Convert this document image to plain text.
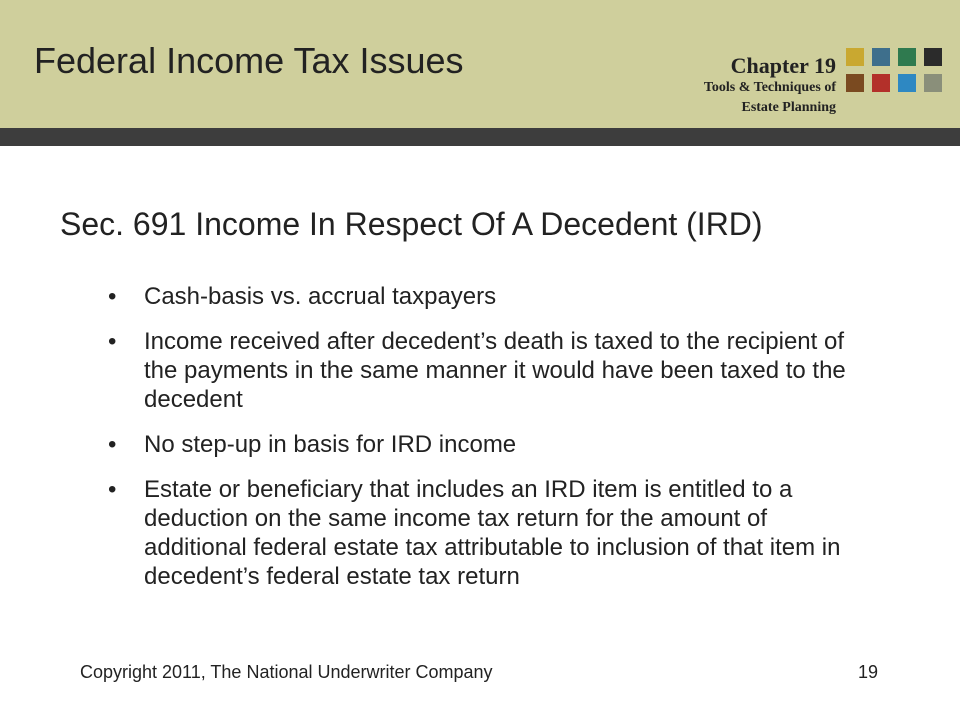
Federal Income Tax Issues	Chapter 19
Tools & Techniques of
Estate Planning
Sec. 691 Income In Respect Of A Decedent (IRD)
• Cash-basis vs. accrual taxpayers
• Income received after decedent’s death is taxed to the recipient of the payments in the same manner it would have been taxed to the decedent
• No step-up in basis for IRD income
• Estate or beneficiary that includes an IRD item is entitled to a deduction on the same income tax return for the amount of additional federal estate tax attributable to inclusion of that item in decedent’s federal estate tax return
Copyright 2011, The National Underwriter Company	19
